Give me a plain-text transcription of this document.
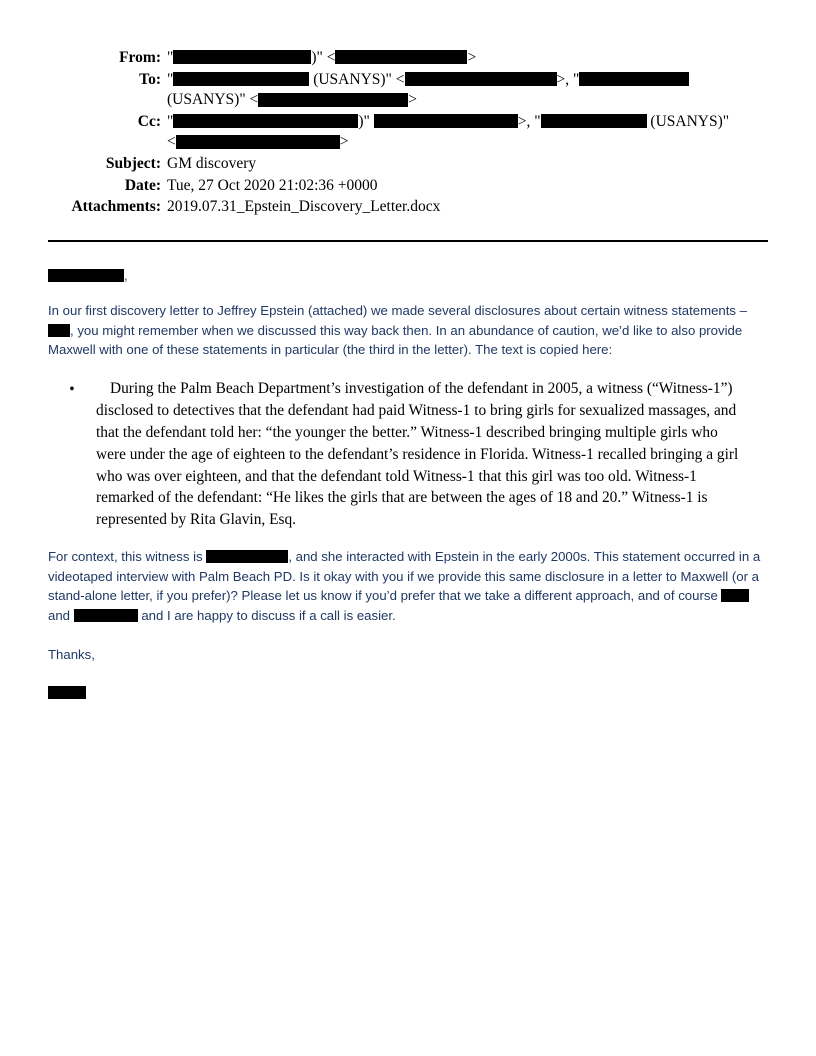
From: "	)" <	>
To: "	(USANYS)" <	>, "
(USANYS)" <	>
Cc: "	)"	>, "	(USANYS)"
<	>
Subject: GM discovery
Date: Tue, 27 Oct 2020 21:02:36 +0000
Attachments: 2019.07.31_Epstein_Discovery_Letter.docx
,
In our first discovery letter to Jeffrey Epstein (attached) we made several disclosures about certain witness statements – , you might remember when we discussed this way back then. In an abundance of caution, we’d like to also provide Maxwell with one of these statements in particular (the third in the letter). The text is copied here:
•	During the Palm Beach Department’s investigation of the defendant in 2005, a witness (“Witness-1”) disclosed to detectives that the defendant had paid Witness-1 to bring girls for sexualized massages, and that the defendant told her: “the younger the better.” Witness-1 described bringing multiple girls who were under the age of eighteen to the defendant’s residence in Florida. Witness-1 recalled bringing a girl who was over eighteen, and that the defendant told Witness-1 that this girl was too old. Witness-1 remarked of the defendant: “He likes the girls that are between the ages of 18 and 20.” Witness-1 is represented by Rita Glavin, Esq.
For context, this witness is	, and she interacted with Epstein in the early 2000s. This statement occurred in a videotaped interview with Palm Beach PD. Is it okay with you if we provide this same disclosure in a letter to Maxwell (or a stand-alone letter, if you prefer)? Please let us know if you’d prefer that we take a different approach, and of course  and	and I are happy to discuss if a call is easier.
Thanks,
